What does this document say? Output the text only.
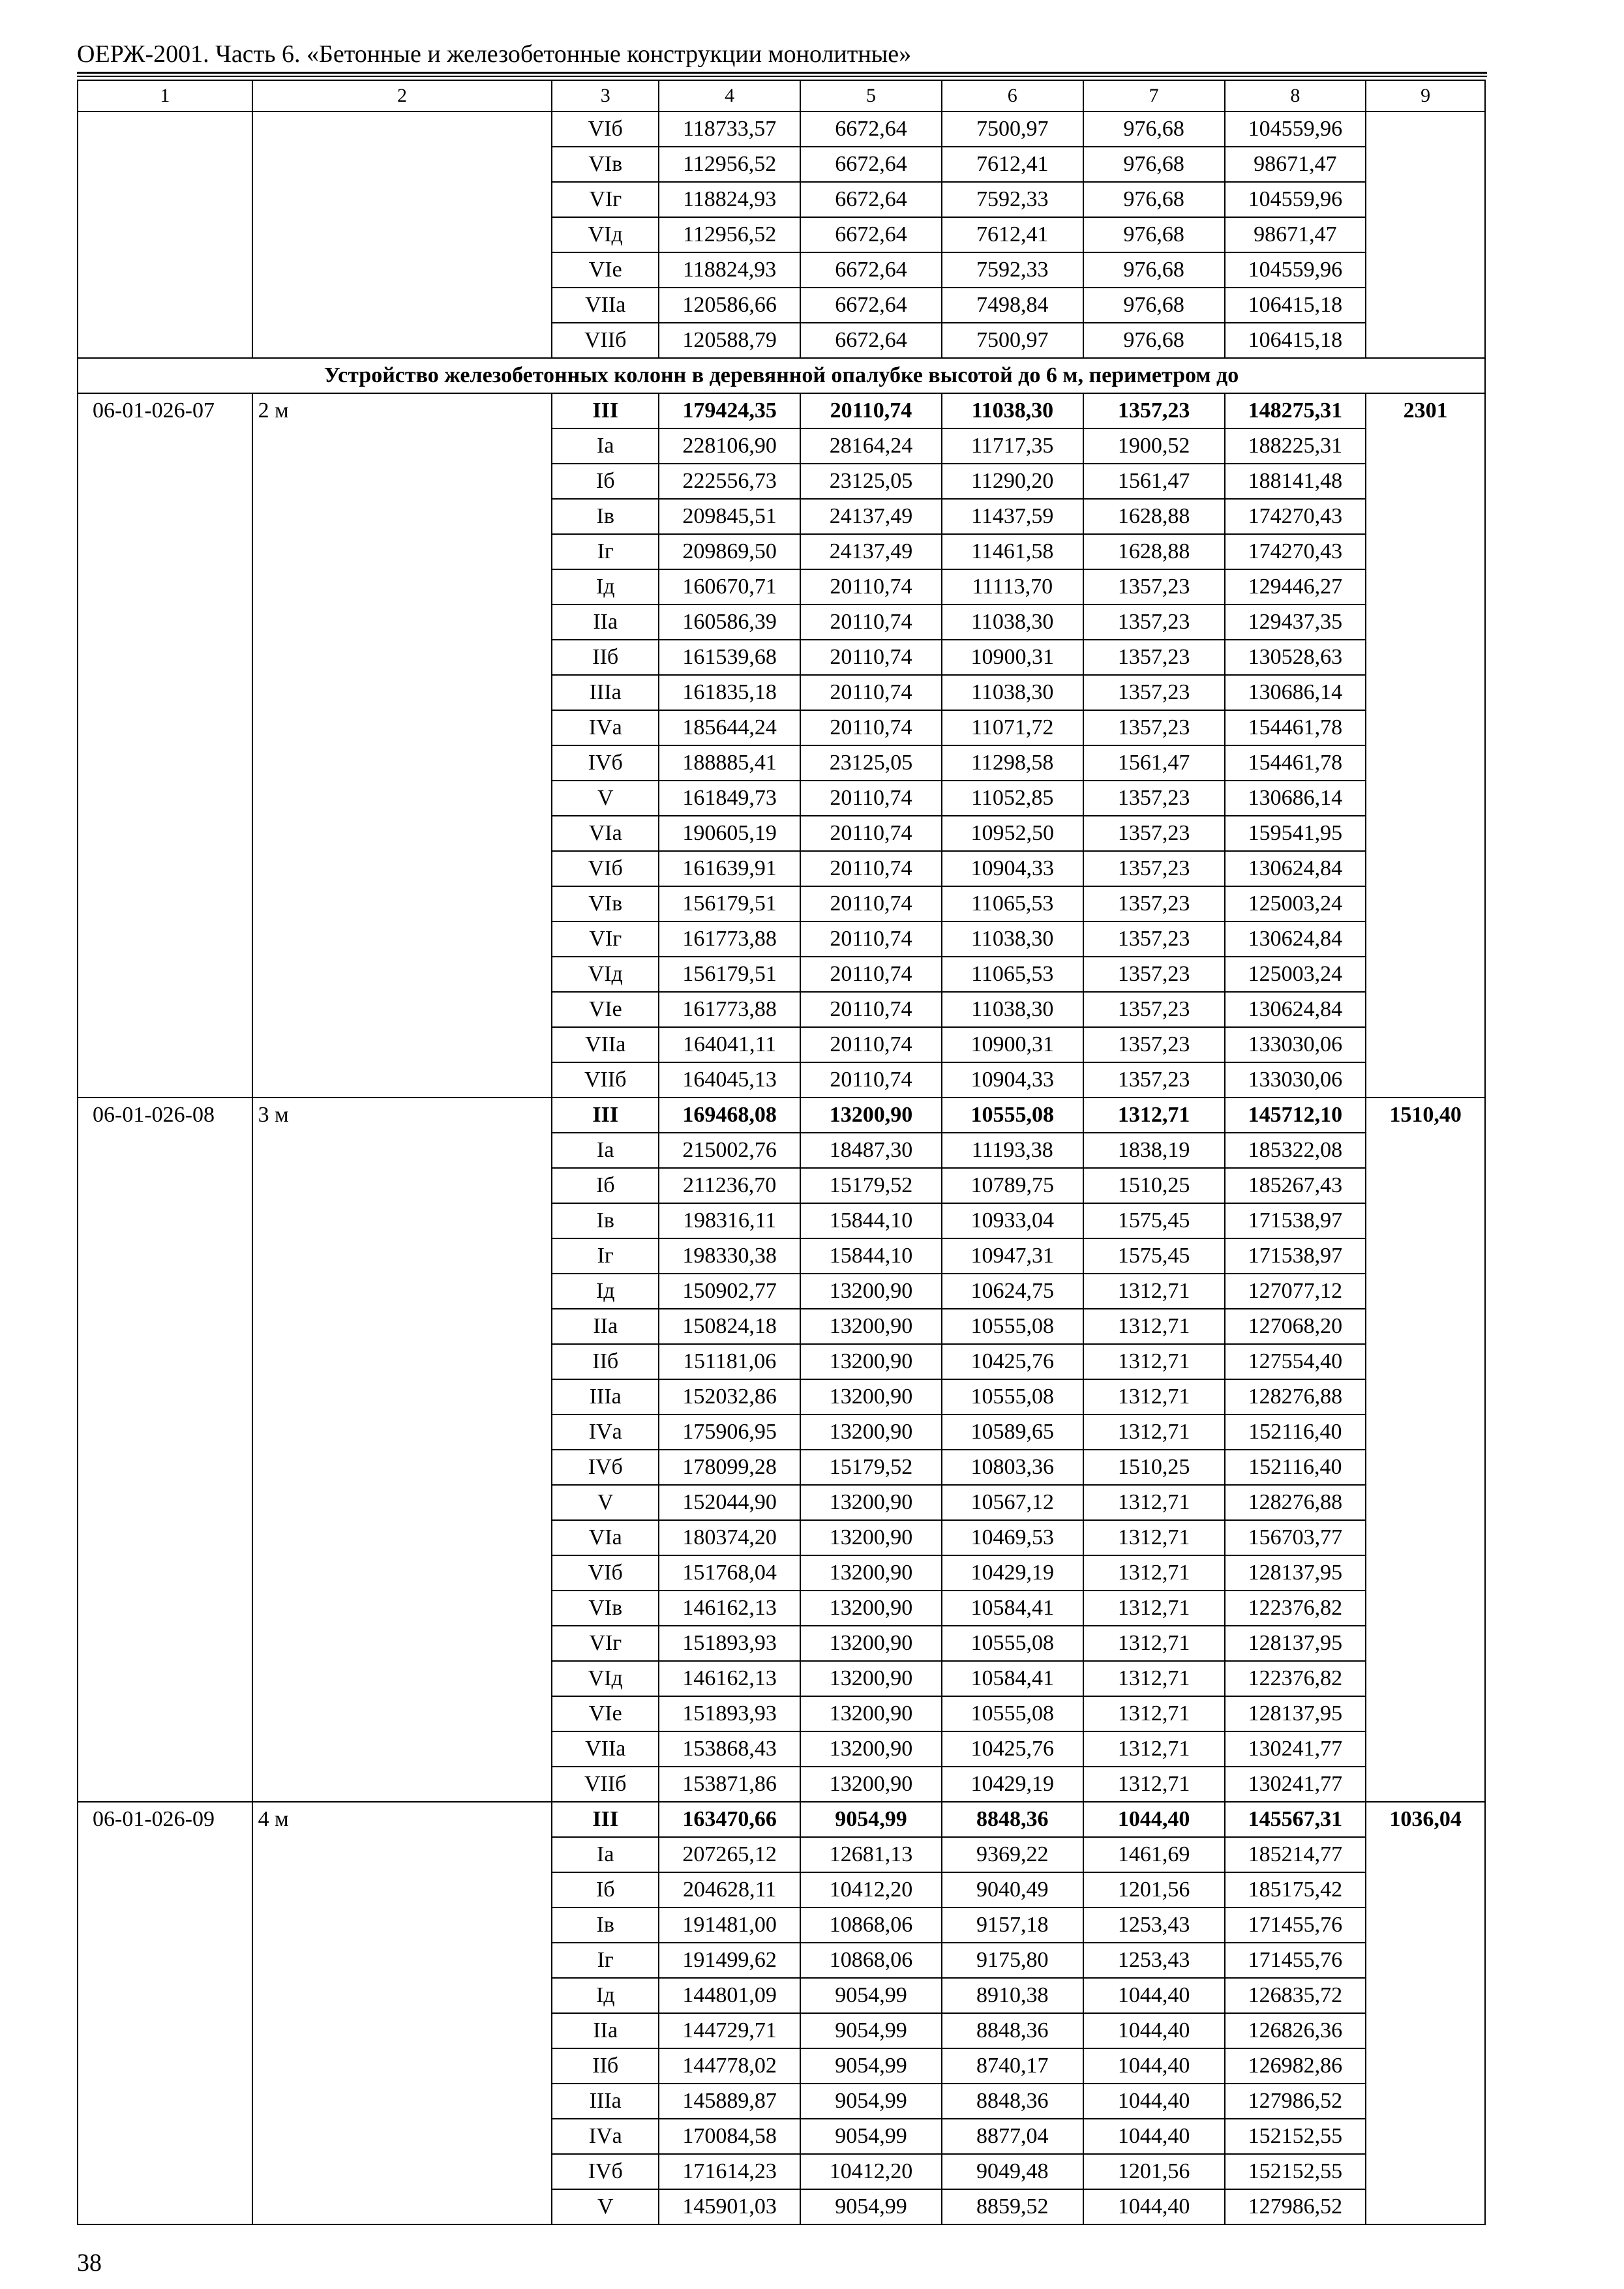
ОЕРЖ-2001. Часть 6. «Бетонные и железобетонные конструкции монолитные»
1	2	3	4	5	6	7	8	9
		VIб	118733,57	6672,64	7500,97	976,68	104559,96	
		VIв	112956,52	6672,64	7612,41	976,68	98671,47	
		VIг	118824,93	6672,64	7592,33	976,68	104559,96	
		VIд	112956,52	6672,64	7612,41	976,68	98671,47	
		VIе	118824,93	6672,64	7592,33	976,68	104559,96	
		VIIа	120586,66	6672,64	7498,84	976,68	106415,18	
		VIIб	120588,79	6672,64	7500,97	976,68	106415,18	
Устройство железобетонных колонн в деревянной опалубке высотой до 6 м, периметром до								
06-01-026-07	2 м	III	179424,35	20110,74	11038,30	1357,23	148275,31	2301
		Iа	228106,90	28164,24	11717,35	1900,52	188225,31	
		Iб	222556,73	23125,05	11290,20	1561,47	188141,48	
		Iв	209845,51	24137,49	11437,59	1628,88	174270,43	
		Iг	209869,50	24137,49	11461,58	1628,88	174270,43	
		Iд	160670,71	20110,74	11113,70	1357,23	129446,27	
		IIа	160586,39	20110,74	11038,30	1357,23	129437,35	
		IIб	161539,68	20110,74	10900,31	1357,23	130528,63	
		IIIа	161835,18	20110,74	11038,30	1357,23	130686,14	
		IVа	185644,24	20110,74	11071,72	1357,23	154461,78	
		IVб	188885,41	23125,05	11298,58	1561,47	154461,78	
		V	161849,73	20110,74	11052,85	1357,23	130686,14	
		VIа	190605,19	20110,74	10952,50	1357,23	159541,95	
		VIб	161639,91	20110,74	10904,33	1357,23	130624,84	
		VIв	156179,51	20110,74	11065,53	1357,23	125003,24	
		VIг	161773,88	20110,74	11038,30	1357,23	130624,84	
		VIд	156179,51	20110,74	11065,53	1357,23	125003,24	
		VIе	161773,88	20110,74	11038,30	1357,23	130624,84	
		VIIа	164041,11	20110,74	10900,31	1357,23	133030,06	
		VIIб	164045,13	20110,74	10904,33	1357,23	133030,06	
06-01-026-08	3 м	III	169468,08	13200,90	10555,08	1312,71	145712,10	1510,40
		Iа	215002,76	18487,30	11193,38	1838,19	185322,08	
		Iб	211236,70	15179,52	10789,75	1510,25	185267,43	
		Iв	198316,11	15844,10	10933,04	1575,45	171538,97	
		Iг	198330,38	15844,10	10947,31	1575,45	171538,97	
		Iд	150902,77	13200,90	10624,75	1312,71	127077,12	
		IIа	150824,18	13200,90	10555,08	1312,71	127068,20	
		IIб	151181,06	13200,90	10425,76	1312,71	127554,40	
		IIIа	152032,86	13200,90	10555,08	1312,71	128276,88	
		IVа	175906,95	13200,90	10589,65	1312,71	152116,40	
		IVб	178099,28	15179,52	10803,36	1510,25	152116,40	
		V	152044,90	13200,90	10567,12	1312,71	128276,88	
		VIа	180374,20	13200,90	10469,53	1312,71	156703,77	
		VIб	151768,04	13200,90	10429,19	1312,71	128137,95	
		VIв	146162,13	13200,90	10584,41	1312,71	122376,82	
		VIг	151893,93	13200,90	10555,08	1312,71	128137,95	
		VIд	146162,13	13200,90	10584,41	1312,71	122376,82	
		VIе	151893,93	13200,90	10555,08	1312,71	128137,95	
		VIIа	153868,43	13200,90	10425,76	1312,71	130241,77	
		VIIб	153871,86	13200,90	10429,19	1312,71	130241,77	
06-01-026-09	4 м	III	163470,66	9054,99	8848,36	1044,40	145567,31	1036,04
		Iа	207265,12	12681,13	9369,22	1461,69	185214,77	
		Iб	204628,11	10412,20	9040,49	1201,56	185175,42	
		Iв	191481,00	10868,06	9157,18	1253,43	171455,76	
		Iг	191499,62	10868,06	9175,80	1253,43	171455,76	
		Iд	144801,09	9054,99	8910,38	1044,40	126835,72	
		IIа	144729,71	9054,99	8848,36	1044,40	126826,36	
		IIб	144778,02	9054,99	8740,17	1044,40	126982,86	
		IIIа	145889,87	9054,99	8848,36	1044,40	127986,52	
		IVа	170084,58	9054,99	8877,04	1044,40	152152,55	
		IVб	171614,23	10412,20	9049,48	1201,56	152152,55	
		V	145901,03	9054,99	8859,52	1044,40	127986,52	
38
